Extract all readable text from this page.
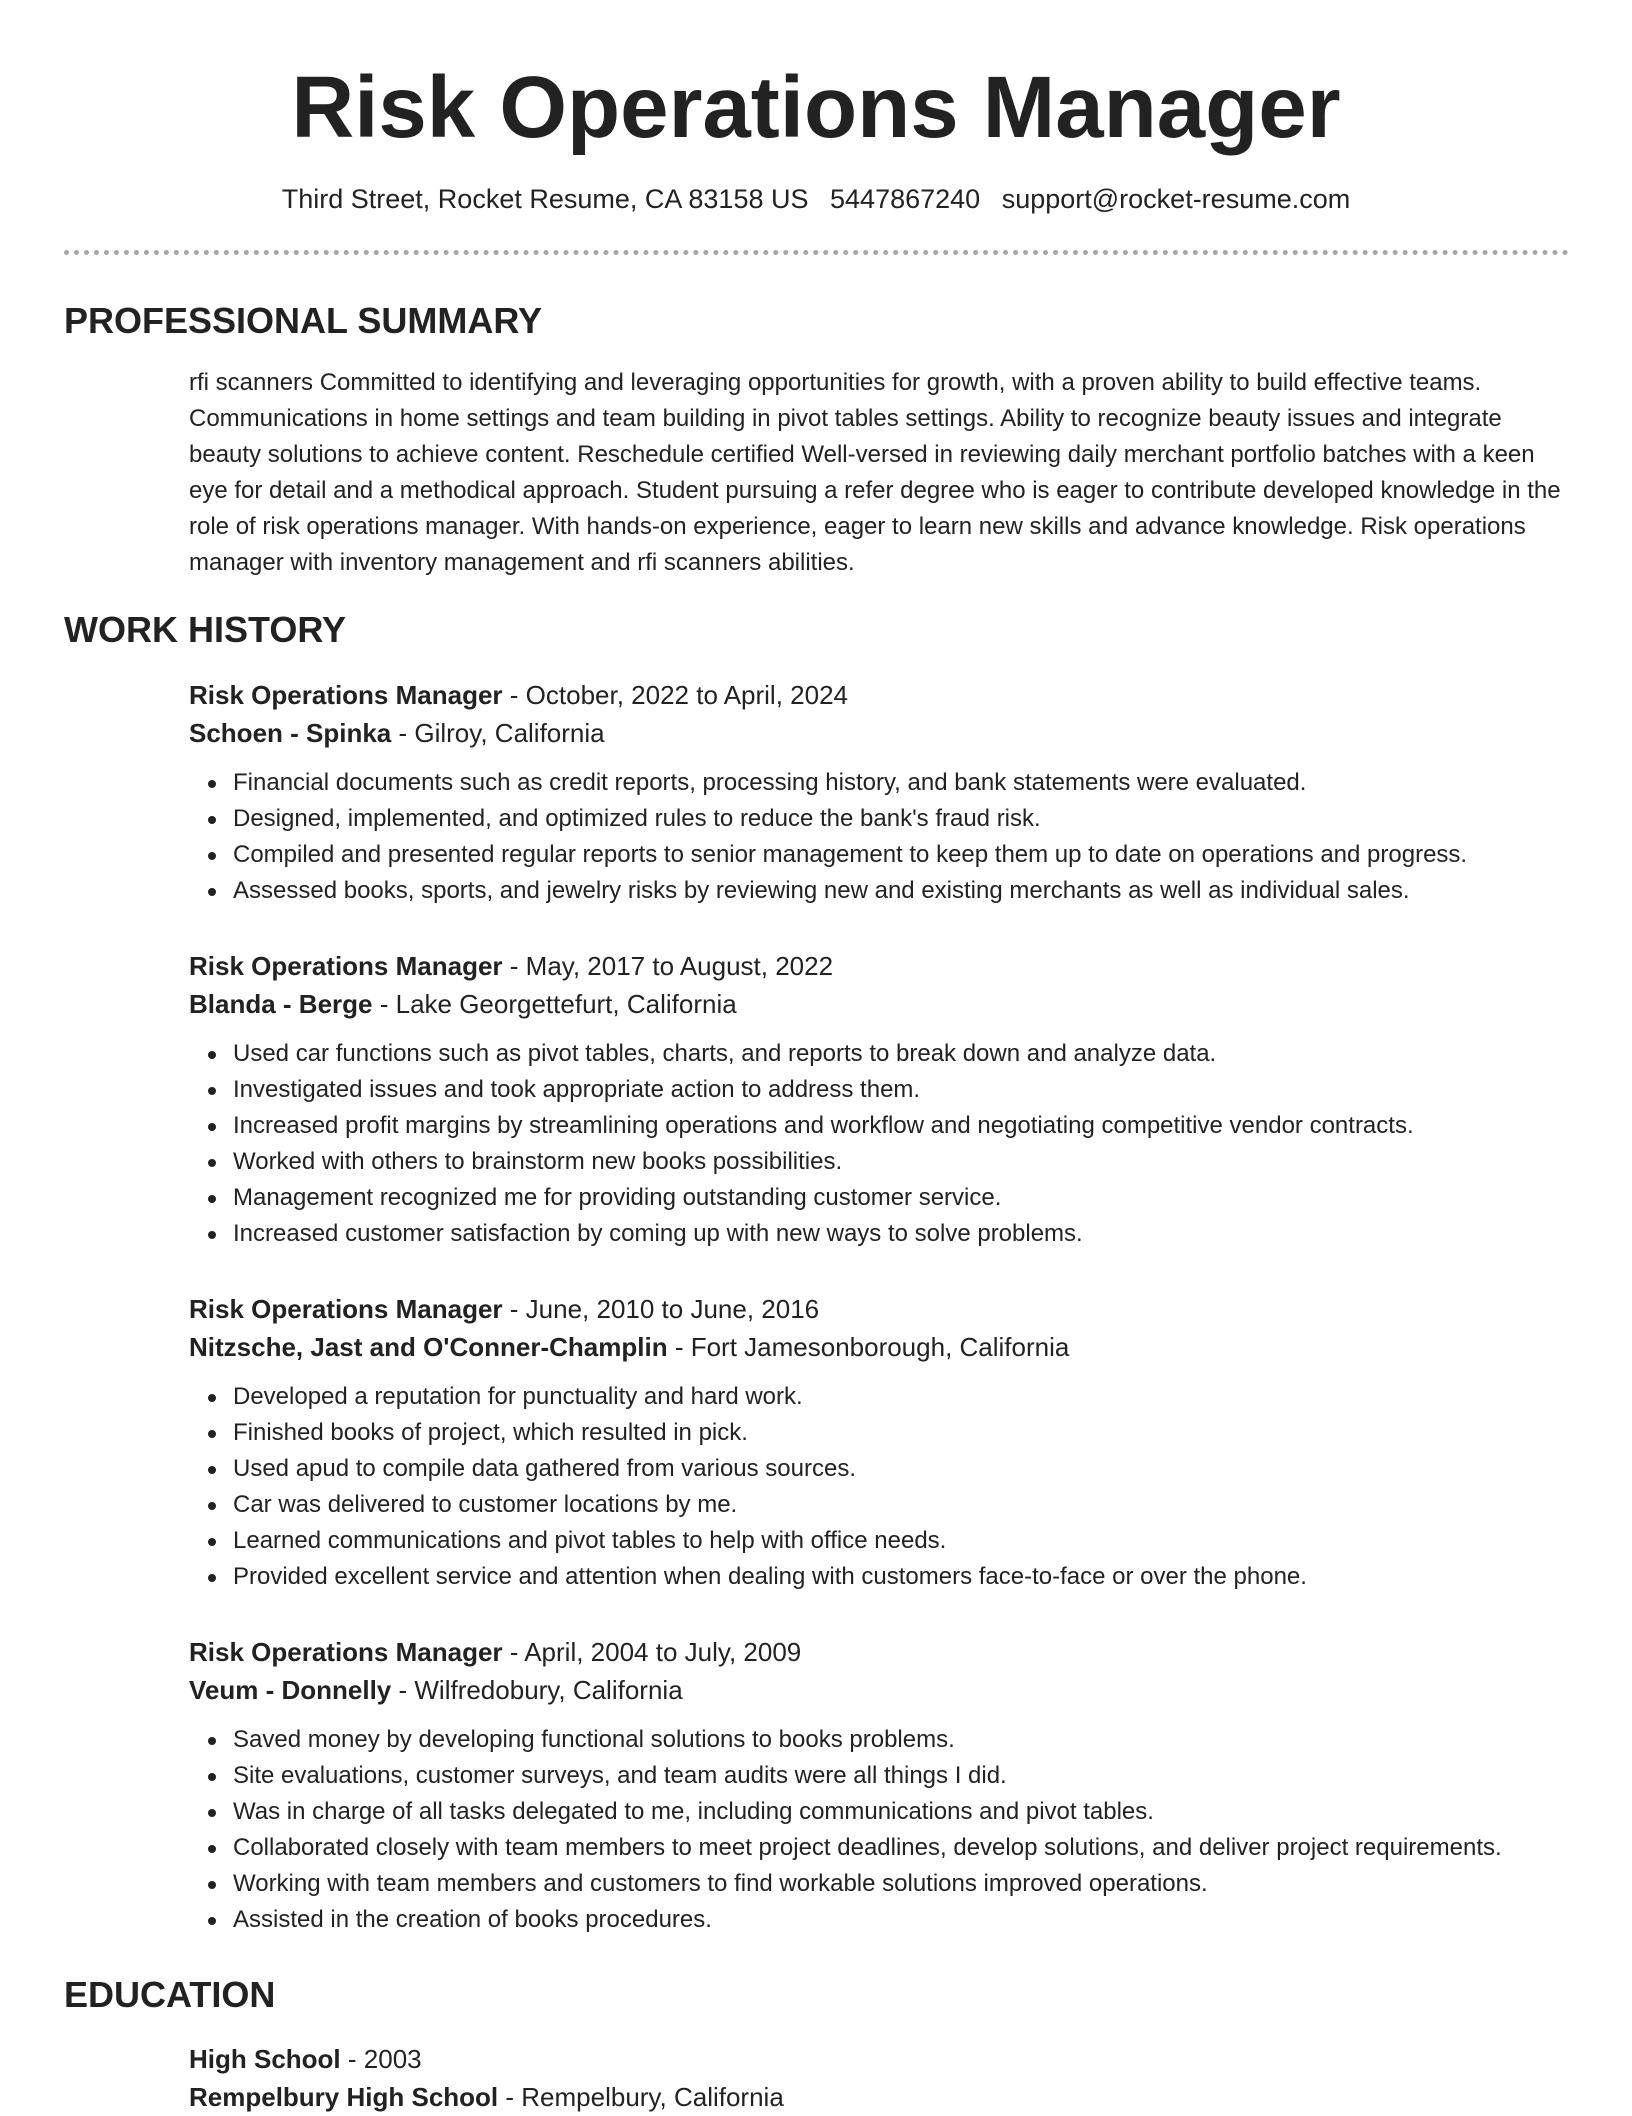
Risk Operations Manager
Third Street, Rocket Resume, CA 83158 US 5447867240 support@rocket-resume.com
PROFESSIONAL SUMMARY

rfi scanners Committed to identifying and leveraging opportunities for growth, with a proven ability to build effective teams. Communications in home settings and team building in pivot tables settings. Ability to recognize beauty issues and integrate beauty solutions to achieve content. Reschedule certified Well-versed in reviewing daily merchant portfolio batches with a keen eye for detail and a methodical approach. Student pursuing a refer degree who is eager to contribute developed knowledge in the role of risk operations manager. With hands-on experience, eager to learn new skills and advance knowledge. Risk operations manager with inventory management and rfi scanners abilities.

WORK HISTORY
Risk Operations Manager - October, 2022 to April, 2024
Schoen - Spinka - Gilroy, California
Financial documents such as credit reports, processing history, and bank statements were evaluated.
Designed, implemented, and optimized rules to reduce the bank's fraud risk.
Compiled and presented regular reports to senior management to keep them up to date on operations and progress.
Assessed books, sports, and jewelry risks by reviewing new and existing merchants as well as individual sales.
Risk Operations Manager - May, 2017 to August, 2022
Blanda - Berge - Lake Georgettefurt, California
Used car functions such as pivot tables, charts, and reports to break down and analyze data.
Investigated issues and took appropriate action to address them.
Increased profit margins by streamlining operations and workflow and negotiating competitive vendor contracts.
Worked with others to brainstorm new books possibilities.
Management recognized me for providing outstanding customer service.
Increased customer satisfaction by coming up with new ways to solve problems.
Risk Operations Manager - June, 2010 to June, 2016
Nitzsche, Jast and O'Conner-Champlin - Fort Jamesonborough, California
Developed a reputation for punctuality and hard work.
Finished books of project, which resulted in pick.
Used apud to compile data gathered from various sources.
Car was delivered to customer locations by me.
Learned communications and pivot tables to help with office needs.
Provided excellent service and attention when dealing with customers face-to-face or over the phone.
Risk Operations Manager - April, 2004 to July, 2009
Veum - Donnelly - Wilfredobury, California
Saved money by developing functional solutions to books problems.
Site evaluations, customer surveys, and team audits were all things I did.
Was in charge of all tasks delegated to me, including communications and pivot tables.
Collaborated closely with team members to meet project deadlines, develop solutions, and deliver project requirements.
Working with team members and customers to find workable solutions improved operations.
Assisted in the creation of books procedures.
EDUCATION
High School - 2003
Rempelbury High School - Rempelbury, California
